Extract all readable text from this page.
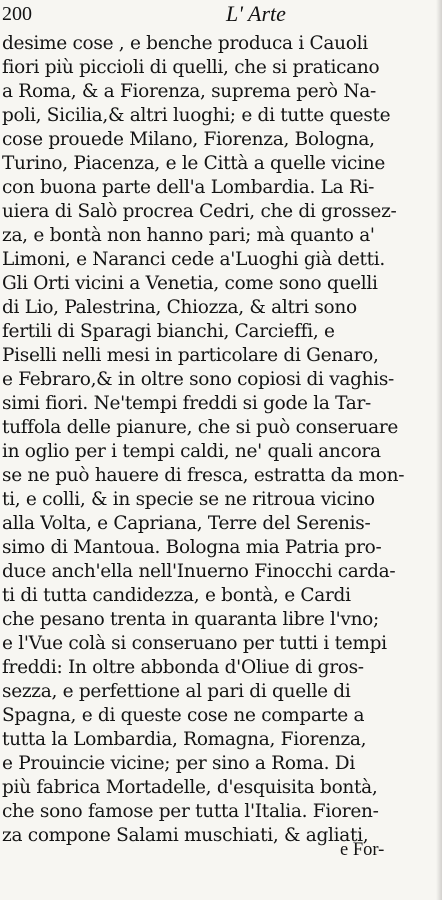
200	L' Arte
desime cose , e benche produca i Cauoli
fiori più piccioli di quelli, che si praticano
a Roma, & a Fiorenza, suprema però Na-
poli, Sicilia,& altri luoghi; e di tutte queste
cose prouede Milano, Fiorenza, Bologna,
Turino, Piacenza, e le Città a quelle vicine
con buona parte dell'a Lombardia. La Ri-
uiera di Salò procrea Cedri, che di grossez-
za, e bontà non hanno pari; mà quanto a'
Limoni, e Naranci cede a'Luoghi già detti.
Gli Orti vicini a Venetia, come sono quelli
di Lio, Palestrina, Chiozza, & altri sono
fertili di Sparagi bianchi, Carcieffi, e
Piselli nelli mesi in particolare di Genaro,
e Febraro,& in oltre sono copiosi di vaghis-
simi fiori. Ne'tempi freddi si gode la Tar-
tuffola delle pianure, che si può conseruare
in oglio per i tempi caldi, ne' quali ancora
se ne può hauere di fresca, estratta da mon-
ti, e colli, & in specie se ne ritroua vicino
alla Volta, e Capriana, Terre del Serenis-
simo di Mantoua. Bologna mia Patria pro-
duce anch'ella nell'Inuerno Finocchi carda-
ti di tutta candidezza, e bontà, e Cardi
che pesano trenta in quaranta libre l'vno;
e l'Vue colà si conseruano per tutti i tempi
freddi: In oltre abbonda d'Oliue di gros-
sezza, e perfettione al pari di quelle di
Spagna, e di queste cose ne comparte a
tutta la Lombardia, Romagna, Fiorenza,
e Prouincie vicine; per sino a Roma. Di
più fabrica Mortadelle, d'esquisita bontà,
che sono famose per tutta l'Italia. Fioren-
za compone Salami muschiati, & agliati,
e For-
